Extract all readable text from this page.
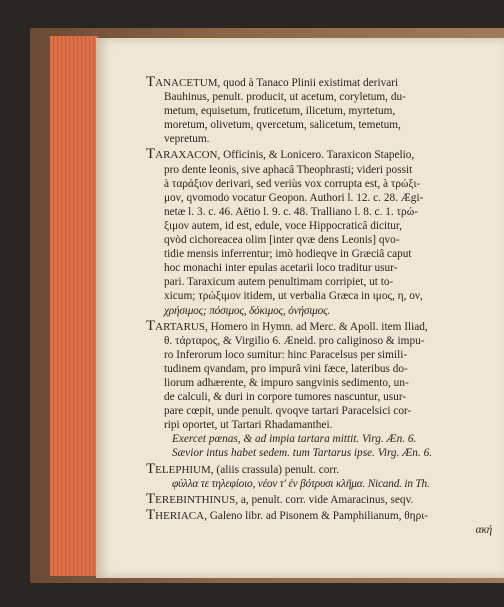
Tanacetum, quod à Tanaco Plinii existimat derivari
Bauhinus, penult. producit, ut acetum, coryletum, du-
metum, equisetum, fruticetum, ilicetum, myrtetum,
moretum, olivetum, qvercetum, salicetum, temetum,
vepretum.
Taraxacon, Officinis, & Lonicero. Taraxicon Stapelio,
pro dente leonis, sive aphacâ Theophrasti; videri possit
à ταράξιον derivari, sed veriùs vox corrupta est, à τρώξι-
μον, qvomodo vocatur Geopon. Authori l. 12. c. 28. Ægi-
netæ l. 3. c. 46. Aëtio l. 9. c. 48. Tralliano l. 8. c. 1. τρώ-
ξιμον autem, id est, edule, voce Hippocraticâ dicitur,
qvòd cichoreacea olim [inter qvæ dens Leonis] qvo-
tidie mensis inferrentur; imò hodieqve in Græciâ caput
hoc monachi inter epulas acetarii loco traditur usur-
pari. Taraxicum autem penultimam corripiet, ut to-
xicum; τρώξιμον itidem, ut verbalia Græca in ιμος, η, ον,
χρήσιμος; πόσιμος, δόκιμος, ὀνήσιμος.
Tartarus, Homero in Hymn. ad Merc. & Apoll. item Iliad,
θ. τάρταρος, & Virgilio 6. Æneid. pro caliginoso & impu-
ro Inferorum loco sumitur: hinc Paracelsus per simili-
tudinem qvandam, pro impurâ vini fæce, lateribus do-
liorum adhærente, & impuro sangvinis sedimento, un-
de calculi, & duri in corpore tumores nascuntur, usur-
pare cœpit, unde penult. qvoqve tartari Paracelsici cor-
ripi oportet, ut Tartari Rhadamanthei.
Exercet pœnas, & ad impia tartara mittit. Virg. Æn. 6.
Sævior intus habet sedem. tum Tartarus ipse. Virg. Æn. 6.
Telephium, (aliis crassula) penult. corr.
φύλλα τε τηλεφίοιο, νέον τ' ἐν βότρυσι κλῆμα. Nicand. in Th.
Terebinthinus, a, penult. corr. vide Amaracinus, seqv.
Theriaca, Galeno libr. ad Pisonem & Pamphilianum, θηρι-
ακή
